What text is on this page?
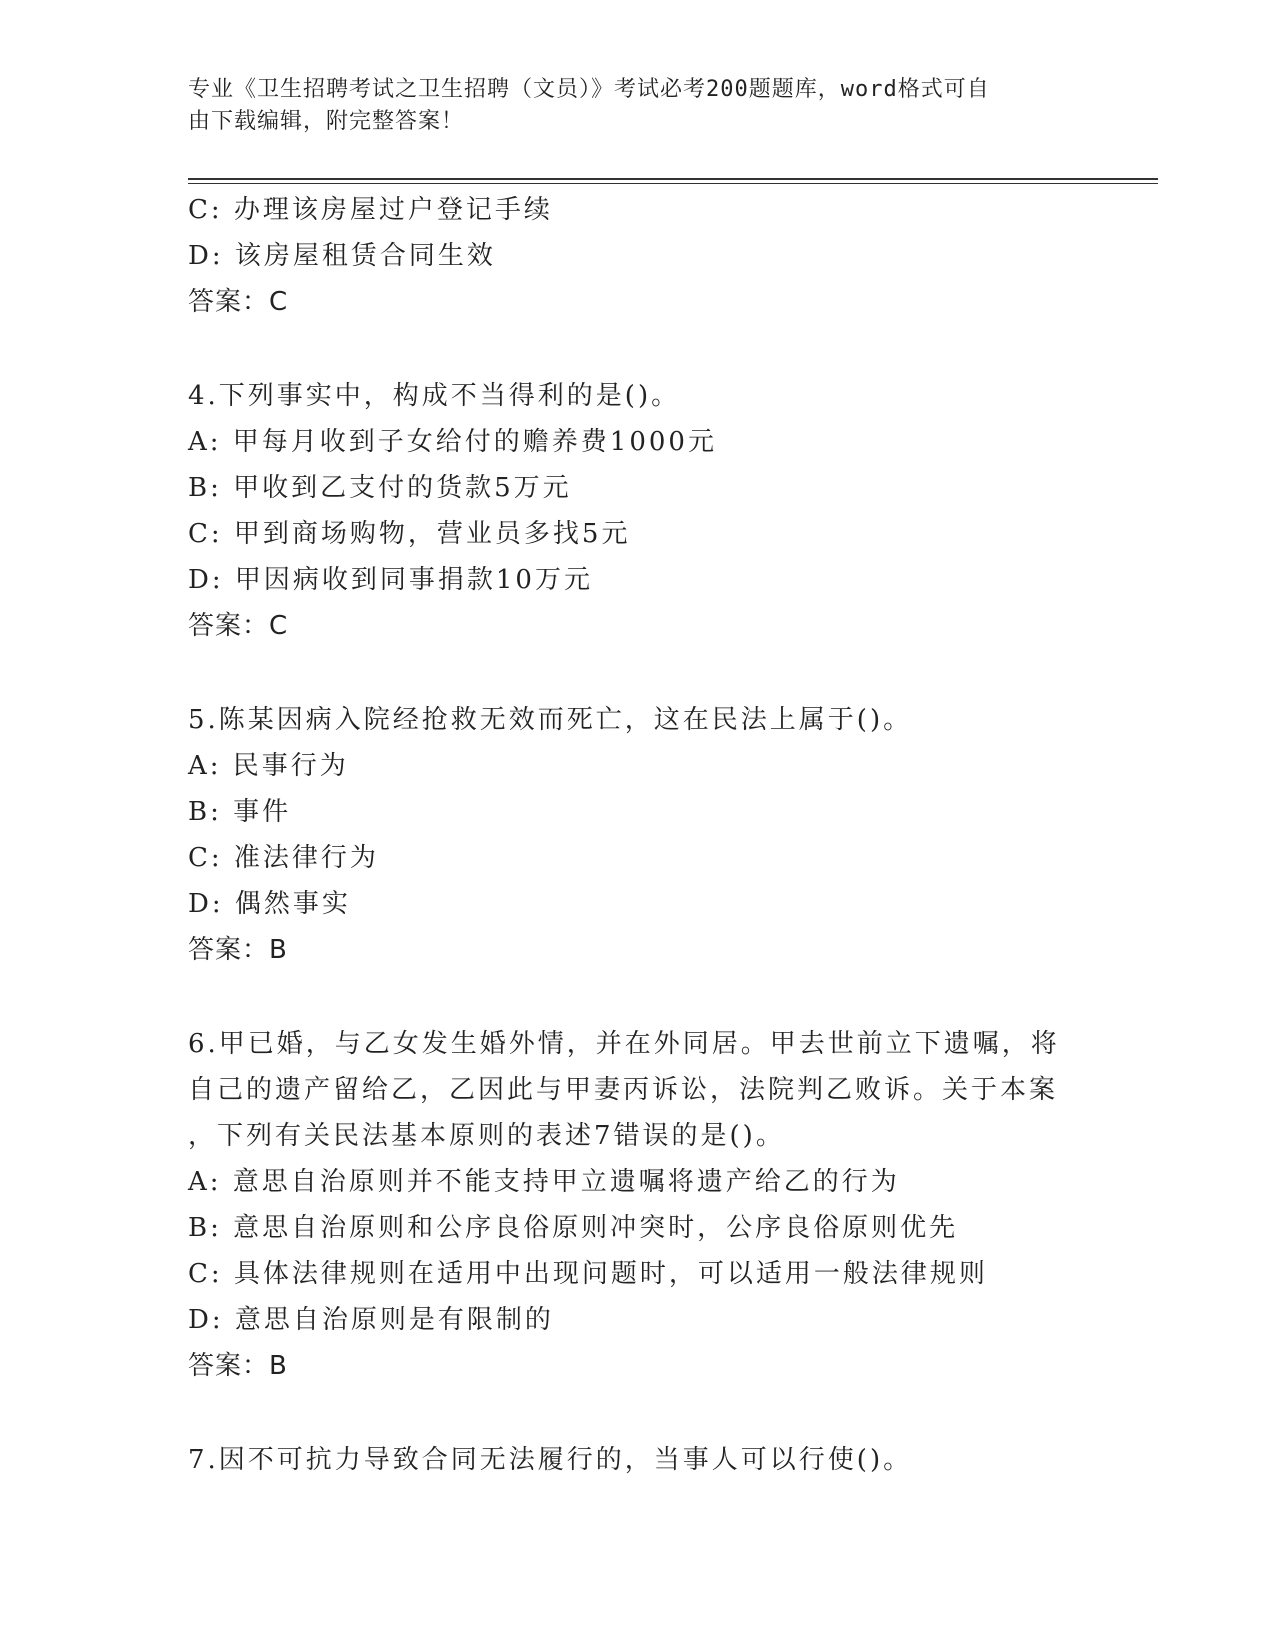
专业《卫生招聘考试之卫生招聘（文员）》考试必考200题题库，word格式可自
由下载编辑，附完整答案！
C: 办理该房屋过户登记手续
D: 该房屋租赁合同生效
答案：C
4.下列事实中，构成不当得利的是()。
A: 甲每月收到子女给付的赡养费1000元
B: 甲收到乙支付的货款5万元
C: 甲到商场购物，营业员多找5元
D: 甲因病收到同事捐款10万元
答案：C
5.陈某因病入院经抢救无效而死亡，这在民法上属于()。
A: 民事行为
B: 事件
C: 准法律行为
D: 偶然事实
答案：B
6.甲已婚，与乙女发生婚外情，并在外同居。甲去世前立下遗嘱，将
自己的遗产留给乙，乙因此与甲妻丙诉讼，法院判乙败诉。关于本案
，下列有关民法基本原则的表述7错误的是()。
A: 意思自治原则并不能支持甲立遗嘱将遗产给乙的行为
B: 意思自治原则和公序良俗原则冲突时，公序良俗原则优先
C: 具体法律规则在适用中出现问题时，可以适用一般法律规则
D: 意思自治原则是有限制的
答案：B
7.因不可抗力导致合同无法履行的，当事人可以行使()。
